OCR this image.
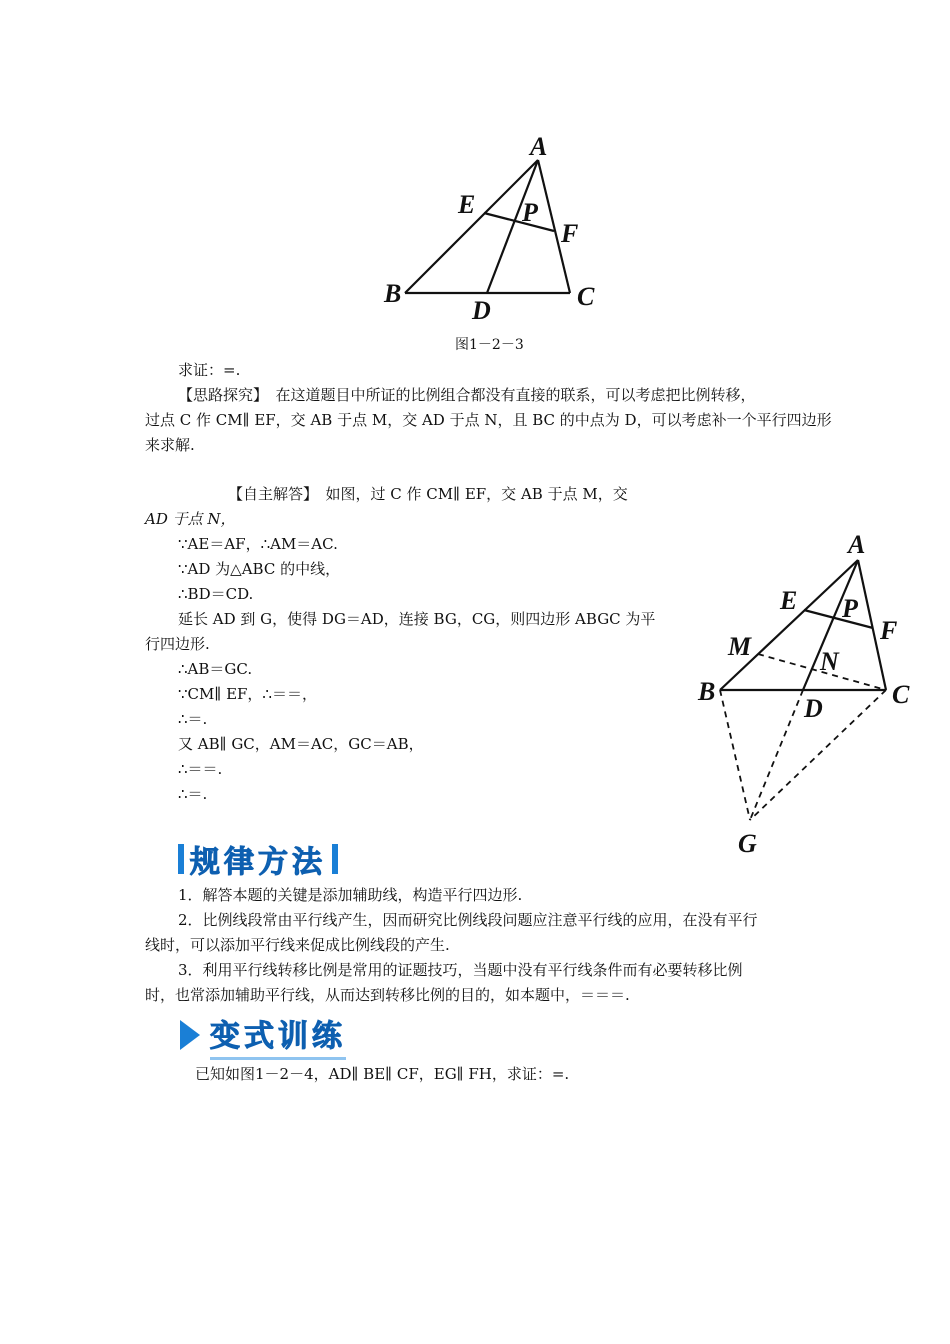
A
E P
F
B
D	C
图1－2－3
求证：=.
【思路探究】　在这道题目中所证的比例组合都没有直接的联系，可以考虑把比例转移，
过点 C 作 CM∥ EF，交 AB 于点 M，交 AD 于点 N，且 BC 的中点为 D，可以考虑补一个平行四边形
来求解.
【自主解答】　如图，过 C 作 CM∥ EF，交 AB 于点 M，交
AD 于点 N，
∵AE＝AF，∴AM＝AC.
∵AD 为△ABC 的中线，
∴BD＝CD.
延长 AD 到 G，使得 DG＝AD，连接 BG，CG，则四边形 ABGC 为平
行四边形.
∴AB＝GC.
∵CM∥ EF，∴＝＝，
∴＝.
又 AB∥ GC，AM＝AC，GC＝AB，
∴＝＝.
∴＝.
A
E P
F
M
N
B	C
D
G
规律方法
1．解答本题的关键是添加辅助线，构造平行四边形.
2．比例线段常由平行线产生，因而研究比例线段问题应注意平行线的应用，在没有平行
线时，可以添加平行线来促成比例线段的产生.
3．利用平行线转移比例是常用的证题技巧，当题中没有平行线条件而有必要转移比例
时，也常添加辅助平行线，从而达到转移比例的目的，如本题中，＝＝＝.
变式训练
已知如图1－2－4，AD∥ BE∥ CF，EG∥ FH，求证：=.
